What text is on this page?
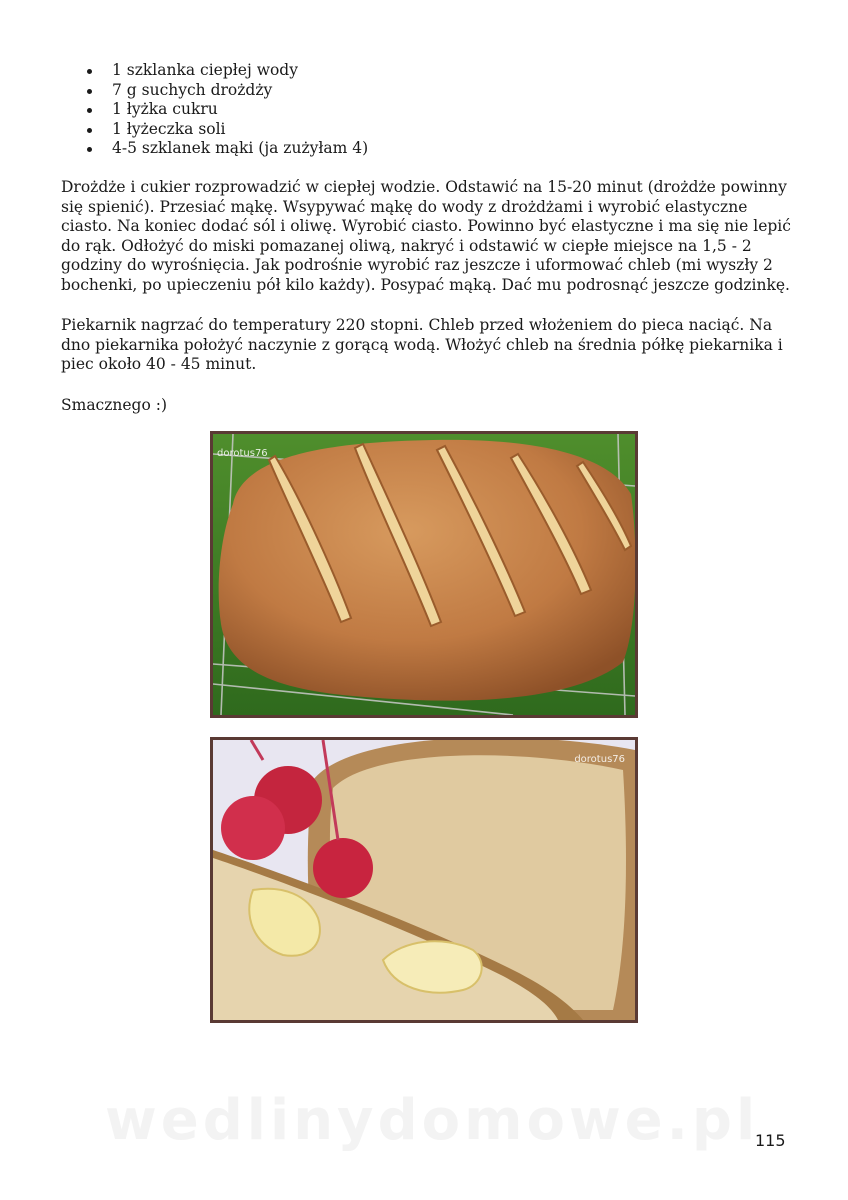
1 szklanka ciepłej wody
7 g suchych drożdży
1 łyżka cukru
1 łyżeczka soli
4-5 szklanek mąki (ja zużyłam 4)

Drożdże i cukier rozprowadzić w ciepłej wodzie. Odstawić na 15-20 minut (drożdże powinny się spienić). Przesiać mąkę. Wsypywać mąkę do wody z drożdżami i wyrobić elastyczne ciasto. Na koniec dodać sól i oliwę. Wyrobić ciasto. Powinno być elastyczne i ma się nie lepić do rąk. Odłożyć do miski pomazanej oliwą, nakryć i odstawić w ciepłe miejsce na 1,5 - 2 godziny do wyrośnięcia. Jak podrośnie wyrobić raz jeszcze i uformować chleb (mi wyszły 2 bochenki, po upieczeniu pół kilo każdy). Posypać mąką. Dać mu podrosnąć jeszcze godzinkę.

Piekarnik nagrzać do temperatury 220 stopni. Chleb przed włożeniem do pieca naciąć. Na dno piekarnika położyć naczynie z gorącą wodą. Włożyć chleb na średnia półkę piekarnika i piec około 40 - 45 minut.

Smacznego :)

dorotus76
dorotus76
wedlinydomowe.pl
115
